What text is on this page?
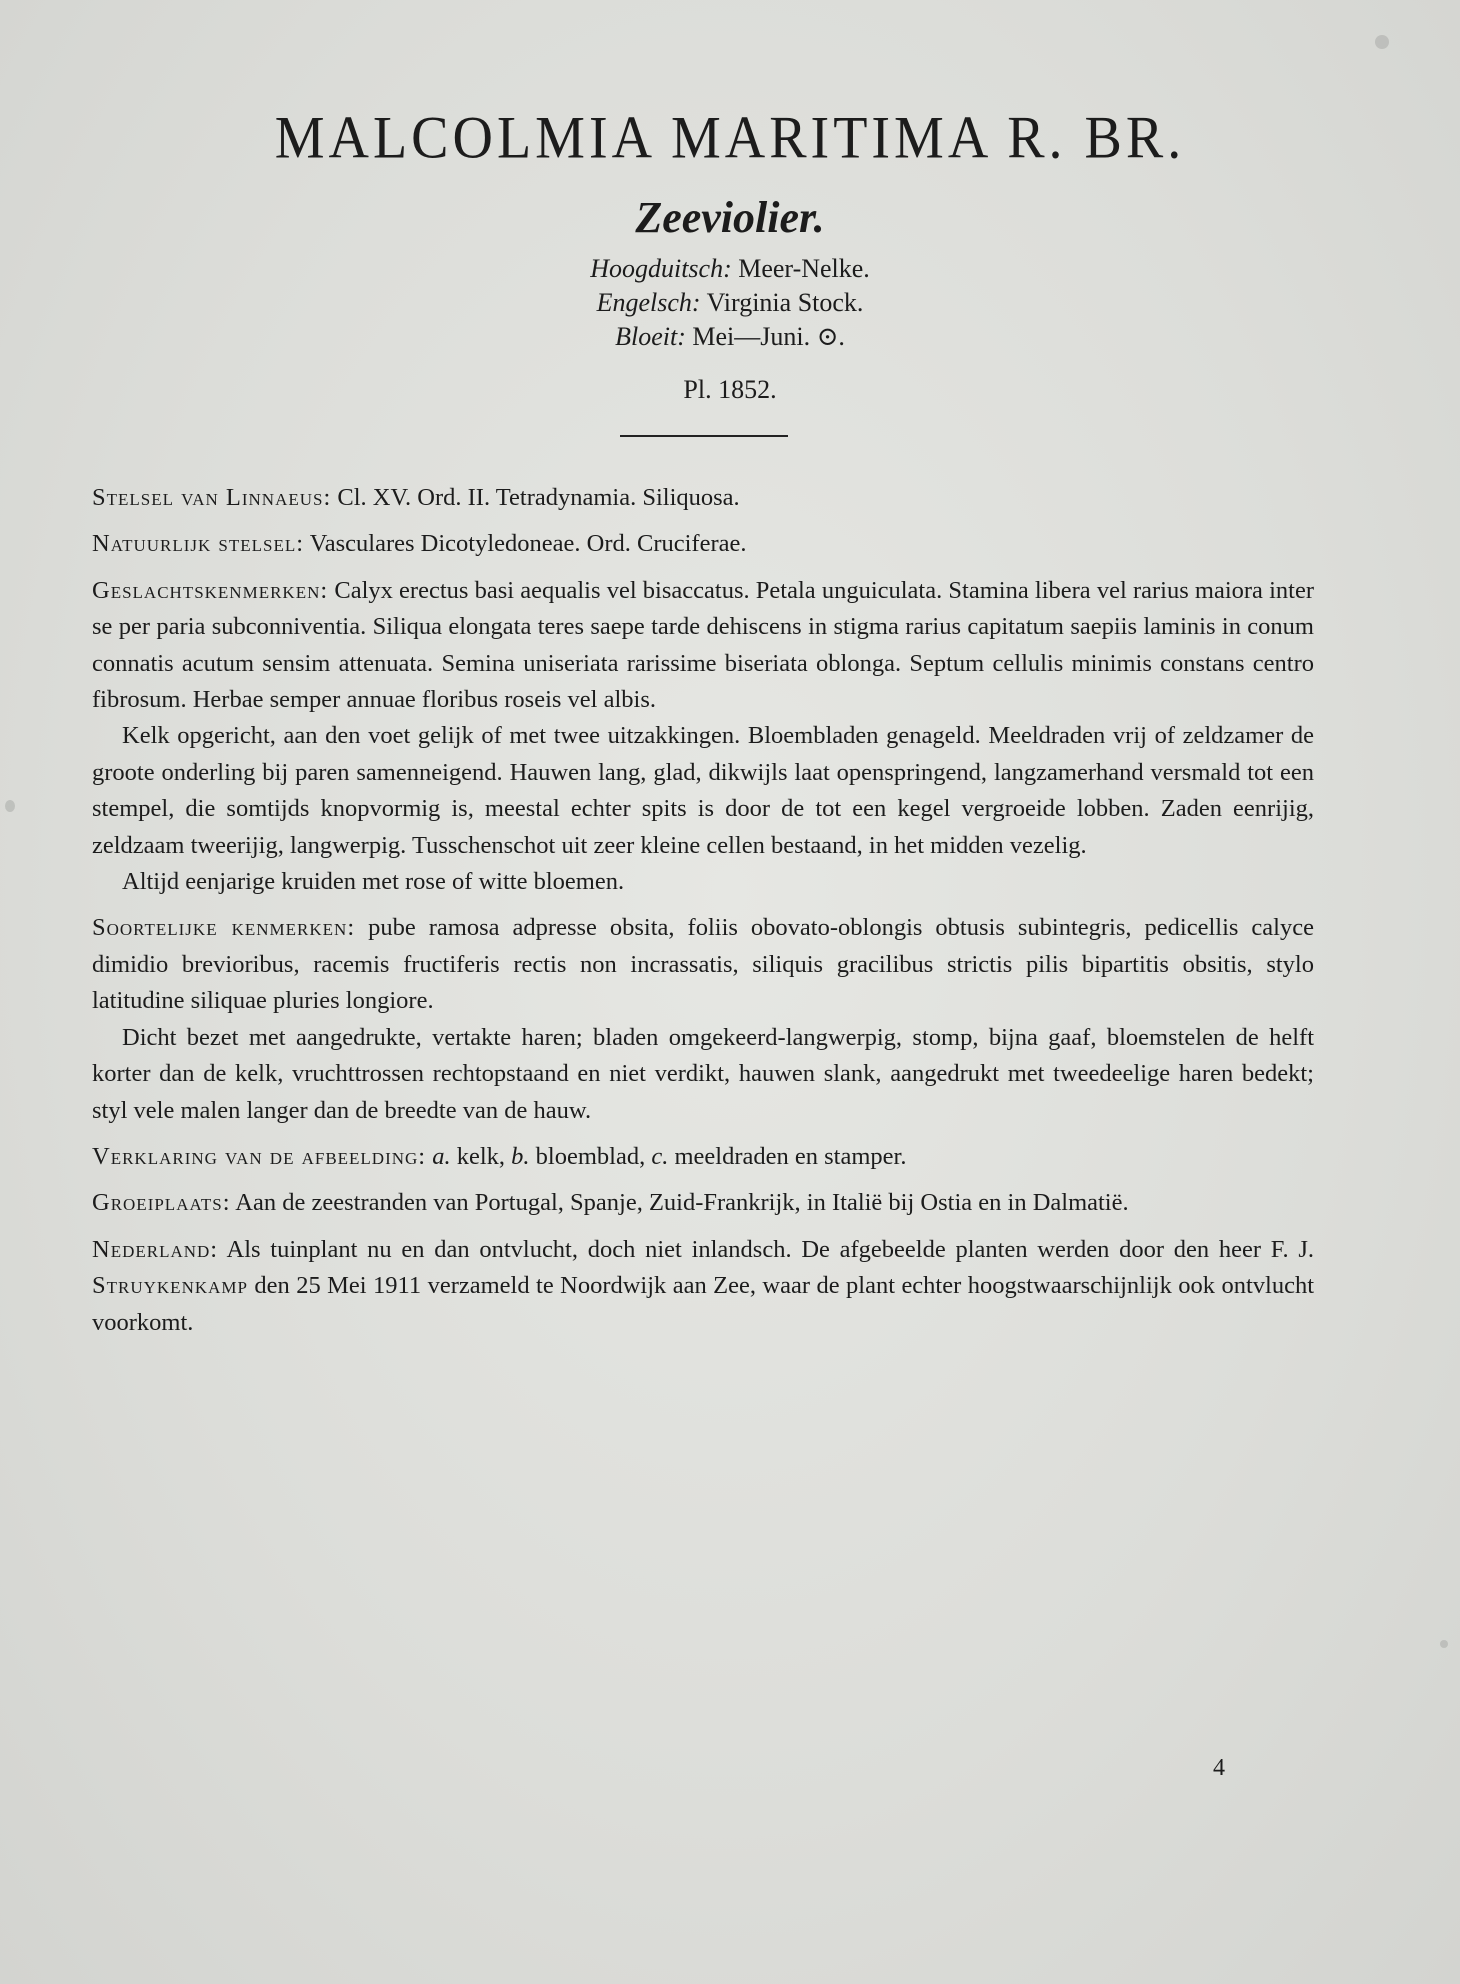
MALCOLMIA MARITIMA R. BR.
Zeeviolier.
Hoogduitsch: Meer-Nelke.
Engelsch: Virginia Stock.
Bloeit: Mei—Juni. ⊙.
Pl. 1852.

Stelsel van Linnaeus: Cl. XV. Ord. II. Tetradynamia. Siliquosa.

Natuurlijk stelsel: Vasculares Dicotyledoneae. Ord. Cruciferae.

Geslachtskenmerken: Calyx erectus basi aequalis vel bisaccatus. Petala unguiculata. Stamina libera vel rarius maiora inter se per paria subconniventia. Siliqua elongata teres saepe tarde dehiscens in stigma rarius capitatum saepiis laminis in conum connatis acutum sensim attenuata. Semina uniseriata rarissime biseriata oblonga. Septum cellulis minimis constans centro fibrosum. Herbae semper annuae floribus roseis vel albis.

Kelk opgericht, aan den voet gelijk of met twee uitzakkingen. Bloembladen genageld. Meeldraden vrij of zeldzamer de groote onderling bij paren samenneigend. Hauwen lang, glad, dikwijls laat openspringend, langzamerhand versmald tot een stempel, die somtijds knopvormig is, meestal echter spits is door de tot een kegel vergroeide lobben. Zaden eenrijig, zeldzaam tweerijig, langwerpig. Tusschenschot uit zeer kleine cellen bestaand, in het midden vezelig.

Altijd eenjarige kruiden met rose of witte bloemen.

Soortelijke kenmerken: pube ramosa adpresse obsita, foliis obovato-oblongis obtusis subintegris, pedicellis calyce dimidio brevioribus, racemis fructiferis rectis non incrassatis, siliquis gracilibus strictis pilis bipartitis obsitis, stylo latitudine siliquae pluries longiore.

Dicht bezet met aangedrukte, vertakte haren; bladen omgekeerd-langwerpig, stomp, bijna gaaf, bloemstelen de helft korter dan de kelk, vruchttrossen rechtopstaand en niet verdikt, hauwen slank, aangedrukt met tweedeelige haren bedekt; styl vele malen langer dan de breedte van de hauw.

Verklaring van de afbeelding: a. kelk, b. bloemblad, c. meeldraden en stamper.

Groeiplaats: Aan de zeestranden van Portugal, Spanje, Zuid-Frankrijk, in Italië bij Ostia en in Dalmatië.

Nederland: Als tuinplant nu en dan ontvlucht, doch niet inlandsch. De afgebeelde planten werden door den heer F. J. Struykenkamp den 25 Mei 1911 verzameld te Noordwijk aan Zee, waar de plant echter hoogstwaarschijnlijk ook ontvlucht voorkomt.

4
